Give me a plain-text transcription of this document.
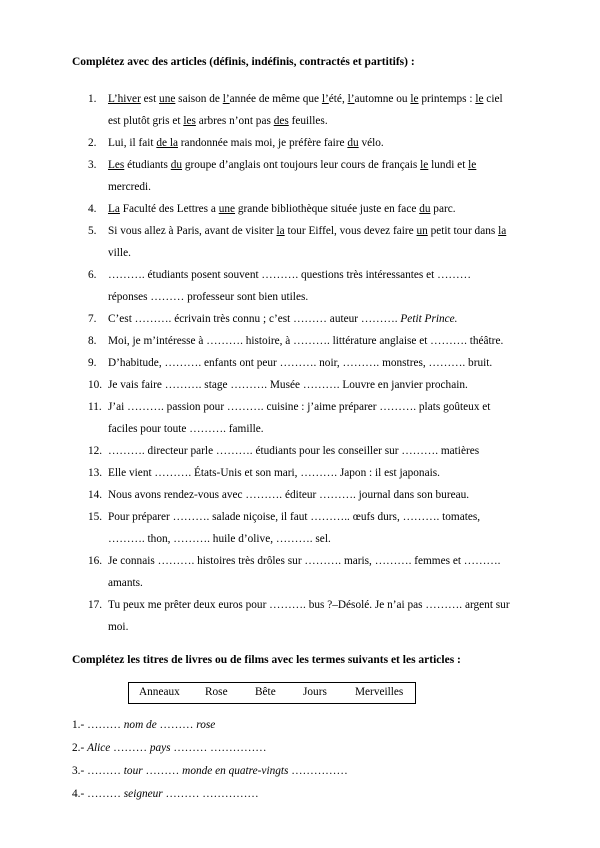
Complétez avec des articles (définis, indéfinis, contractés et partitifs) :
1.	L’hiver est une saison de l’année de même que l’été, l’automne ou le printemps : le ciel
est plutôt gris et les arbres n’ont pas des feuilles.
2.	Lui, il fait de la randonnée mais moi, je préfère faire du vélo.
3.	Les étudiants du groupe d’anglais ont toujours leur cours de français le lundi et le
mercredi.
4.	La Faculté des Lettres a une grande bibliothèque située juste en face du parc.
5.	Si vous allez à Paris, avant de visiter la tour Eiffel, vous devez faire un petit tour dans la
ville.
6.	………. étudiants posent souvent ………. questions très intéressantes et ………
réponses ……… professeur sont bien utiles.
7.	C’est ………. écrivain très connu ; c’est ……… auteur ………. Petit Prince.
8.	Moi, je m’intéresse à ………. histoire, à ………. littérature anglaise et ………. théâtre.
9.	D’habitude, ………. enfants ont peur ………. noir, ………. monstres, ………. bruit.
10. Je vais faire ………. stage ………. Musée ………. Louvre en janvier prochain.
11. J’ai ………. passion pour ………. cuisine : j’aime préparer ………. plats goûteux et
faciles pour toute ………. famille.
12. ………. directeur parle ………. étudiants pour les conseiller sur ………. matières
13. Elle vient ………. États-Unis et son mari, ………. Japon : il est japonais.
14. Nous avons rendez-vous avec ………. éditeur ………. journal dans son bureau.
15. Pour préparer ………. salade niçoise, il faut ……….. œufs durs, ………. tomates,
………. thon, ………. huile d’olive, ………. sel.
16. Je connais ………. histoires très drôles sur ………. maris, ………. femmes et ……….
amants.
17. Tu peux me prêter deux euros pour ………. bus ?–Désolé. Je n’ai pas ………. argent sur
moi.
Complétez les titres de livres ou de films avec les termes suivants et les articles :
Anneaux Rose Bête Jours Merveilles
1.- ……… nom de ……… rose
2.- Alice ……… pays ……… ……………
3.- ……… tour ……… monde en quatre-vingts ……………
4.- ……… seigneur ……… ……………
